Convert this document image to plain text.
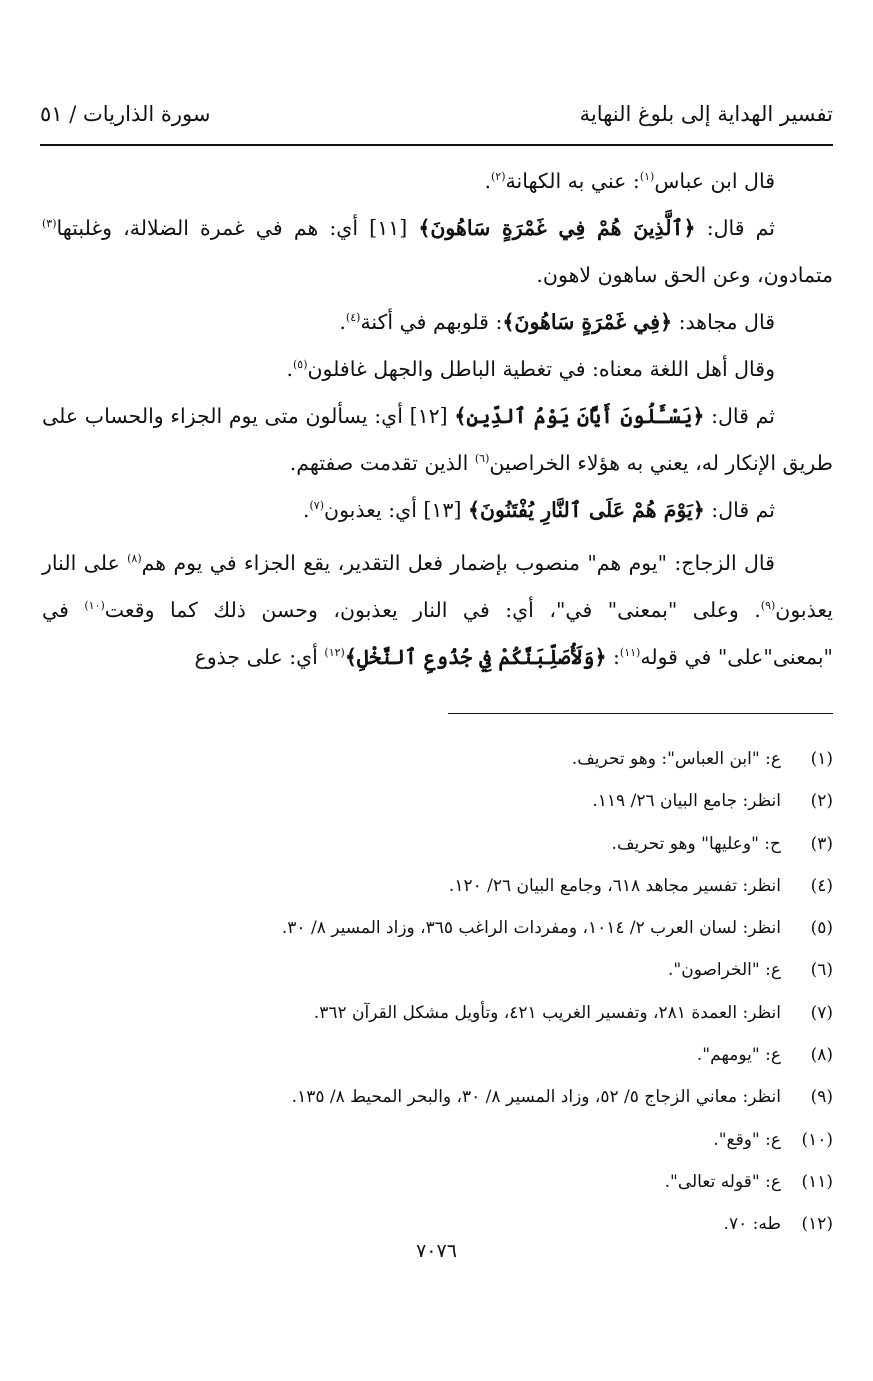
تفسير الهداية إلى بلوغ النهاية
سورة الذاريات / ٥١

قال ابن عباس$^{(١)}$: عني به الكهانة$^{(٢)}$.

ثم قال: ﴿ٱلَّذِينَ هُمْ فِي غَمْرَةٍ سَاهُونَ﴾ [١١] أي: هم في غمرة الضلالة، وغلبتها$^{(٣)}$ متمادون، وعن الحق ساهون لاهون.

قال مجاهد: ﴿فِي غَمْرَةٍ سَاهُونَ﴾: قلوبهم في أكنة$^{(٤)}$.

وقال أهل اللغة معناه: في تغطية الباطل والجهل غافلون$^{(٥)}$.

ثم قال: ﴿يَسْـَٔلُونَ أَيَّانَ يَوْمُ ٱلدِّينِ﴾ [١٢] أي: يسألون متى يوم الجزاء والحساب على طريق الإنكار له، يعني به هؤلاء الخراصين$^{(٦)}$ الذين تقدمت صفتهم.

ثم قال: ﴿يَوْمَ هُمْ عَلَى ٱلنَّارِ يُفْتَنُونَ﴾ [١٣] أي: يعذبون$^{(٧)}$.

قال الزجاج: "يوم هم" منصوب بإضمار فعل التقدير، يقع الجزاء في يوم هم$^{(٨)}$ على النار يعذبون$^{(٩)}$. وعلى "بمعنى" في"، أي: في النار يعذبون، وحسن ذلك كما وقعت$^{(١٠)}$ في "بمعنى"على" في قوله$^{(١١)}$: ﴿وَلَأُصَلِّبَنَّكُمْ فِي جُذُوعِ ٱلنَّخْلِ﴾$^{(١٢)}$ أي: على جذوع

(١)
ع: "ابن العباس": وهو تحريف.
(٢)
انظر: جامع البيان ٢٦/ ١١٩.
(٣)
ح: "وعليها" وهو تحريف.
(٤)
انظر: تفسير مجاهد ٦١٨، وجامع البيان ٢٦/ ١٢٠.
(٥)
انظر: لسان العرب ٢/ ١٠١٤، ومفردات الراغب ٣٦٥، وزاد المسير ٨/ ٣٠.
(٦)
ع: "الخراصون".
(٧)
انظر: العمدة ٢٨١، وتفسير الغريب ٤٢١، وتأويل مشكل القرآن ٣٦٢.
(٨)
ع: "يومهم".
(٩)
انظر: معاني الزجاج ٥/ ٥٢، وزاد المسير ٨/ ٣٠، والبحر المحيط ٨/ ١٣٥.
(١٠)
ع: "وقع".
(١١)
ع: "قوله تعالى".
(١٢)
طه: ٧٠.
٧٠٧٦
